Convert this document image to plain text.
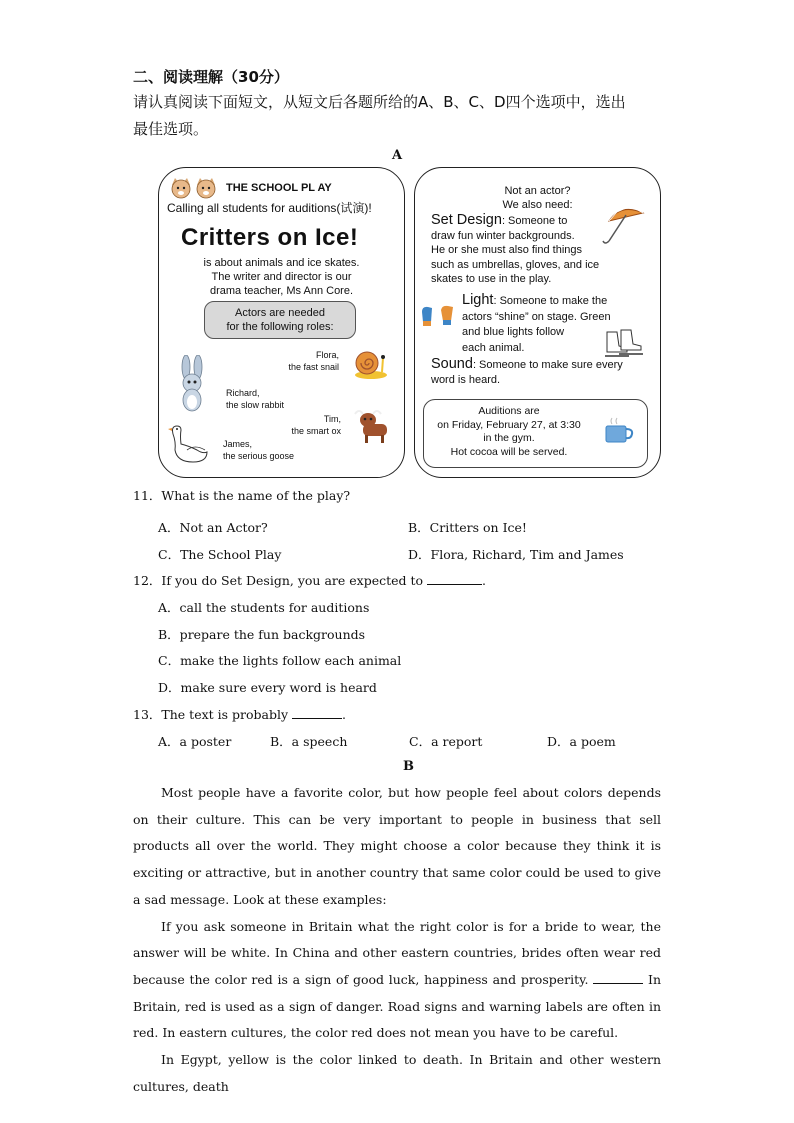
二、阅读理解（30分）
请认真阅读下面短文，从短文后各题所给的A、B、C、D四个选项中，选出
最佳选项。
A
THE SCHOOL PL AY
Calling all students for auditions(试演)!
Critters on Ice!
is about animals and ice skates.
The writer and director is our
drama teacher, Ms Ann Core.
Actors are needed
for the following roles:
Flora,
the fast snail
Richard,
the slow rabbit
Tim,
the smart ox
James,
the serious goose
Not an actor?
We also need:
Set Design: Someone to
draw fun winter backgrounds.
He or she must also find things
such as umbrellas, gloves, and ice
skates to use in the play.
Light: Someone to make the
actors “shine” on stage. Green
and blue lights follow
each animal.
Sound: Someone to make sure every
word is heard.
Auditions are
on Friday, February 27, at 3:30
in the gym.
Hot cocoa will be served.
11．What is the name of the play?
A．Not an Actor?	B．Critters on Ice!
C．The School Play	D．Flora, Richard, Tim and James
12．If you do Set Design, you are expected to	.
A．call the students for auditions
B．prepare the fun backgrounds
C．make the lights follow each animal
D．make sure every word is heard
13．The text is probably	.
A．a poster	B．a speech	C．a report	D．a poem
B

Most people have a favorite color, but how people feel about colors depends on their culture. This can be very important to people in business that sell products all over the world. They might choose a color because they think it is exciting or attractive, but in another country that same color could be used to give a sad message. Look at these examples:

If you ask someone in Britain what the right color is for a bride to wear, the answer will be white. In China and other eastern countries, brides often wear red because the color red is a sign of good luck, happiness and prosperity.	In Britain, red is used as a sign of danger. Road signs and warning labels are often in red. In eastern cultures, the color red does not mean you have to be careful.

In Egypt, yellow is the color linked to death. In Britain and other western cultures, death
